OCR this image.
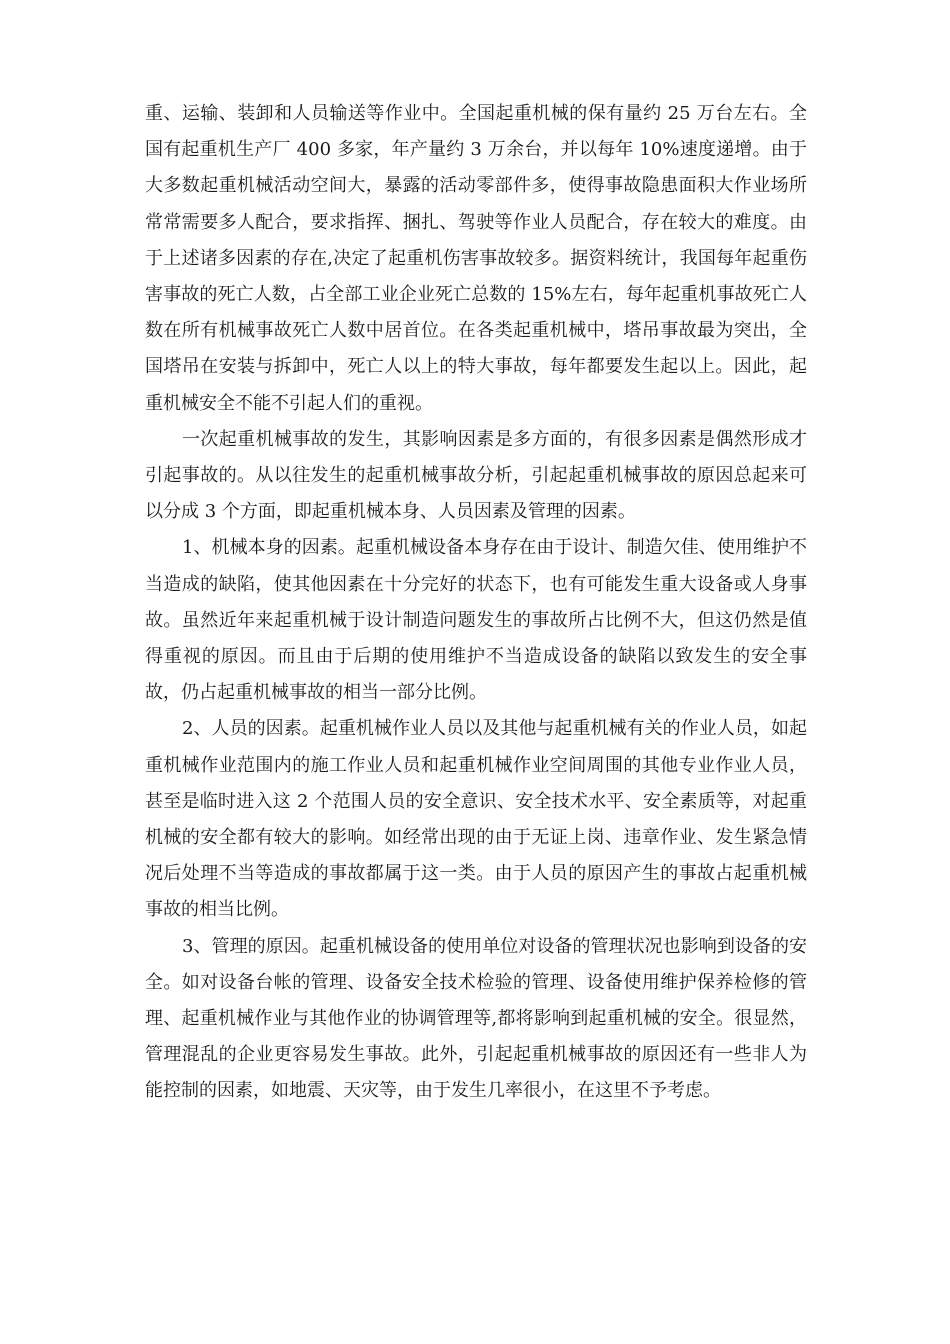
重、运输、装卸和人员输送等作业中。全国起重机械的保有量约 25 万台左右。全国有起重机生产厂 400 多家，年产量约 3 万余台，并以每年 10%速度递增。由于大多数起重机械活动空间大，暴露的活动零部件多，使得事故隐患面积大作业场所常常需要多人配合，要求指挥、捆扎、驾驶等作业人员配合，存在较大的难度。由于上述诸多因素的存在,决定了起重机伤害事故较多。据资料统计，我国每年起重伤害事故的死亡人数，占全部工业企业死亡总数的 15%左右，每年起重机事故死亡人数在所有机械事故死亡人数中居首位。在各类起重机械中，塔吊事故最为突出，全国塔吊在安装与拆卸中，死亡人以上的特大事故，每年都要发生起以上。因此，起重机械安全不能不引起人们的重视。

一次起重机械事故的发生，其影响因素是多方面的，有很多因素是偶然形成才引起事故的。从以往发生的起重机械事故分析，引起起重机械事故的原因总起来可以分成 3 个方面，即起重机械本身、人员因素及管理的因素。

1、机械本身的因素。起重机械设备本身存在由于设计、制造欠佳、使用维护不当造成的缺陷，使其他因素在十分完好的状态下，也有可能发生重大设备或人身事故。虽然近年来起重机械于设计制造问题发生的事故所占比例不大，但这仍然是值得重视的原因。而且由于后期的使用维护不当造成设备的缺陷以致发生的安全事故，仍占起重机械事故的相当一部分比例。

2、人员的因素。起重机械作业人员以及其他与起重机械有关的作业人员，如起重机械作业范围内的施工作业人员和起重机械作业空间周围的其他专业作业人员，甚至是临时进入这 2 个范围人员的安全意识、安全技术水平、安全素质等，对起重机械的安全都有较大的影响。如经常出现的由于无证上岗、违章作业、发生紧急情况后处理不当等造成的事故都属于这一类。由于人员的原因产生的事故占起重机械事故的相当比例。

3、管理的原因。起重机械设备的使用单位对设备的管理状况也影响到设备的安全。如对设备台帐的管理、设备安全技术检验的管理、设备使用维护保养检修的管理、起重机械作业与其他作业的协调管理等,都将影响到起重机械的安全。很显然，管理混乱的企业更容易发生事故。此外，引起起重机械事故的原因还有一些非人为能控制的因素，如地震、天灾等，由于发生几率很小，在这里不予考虑。
